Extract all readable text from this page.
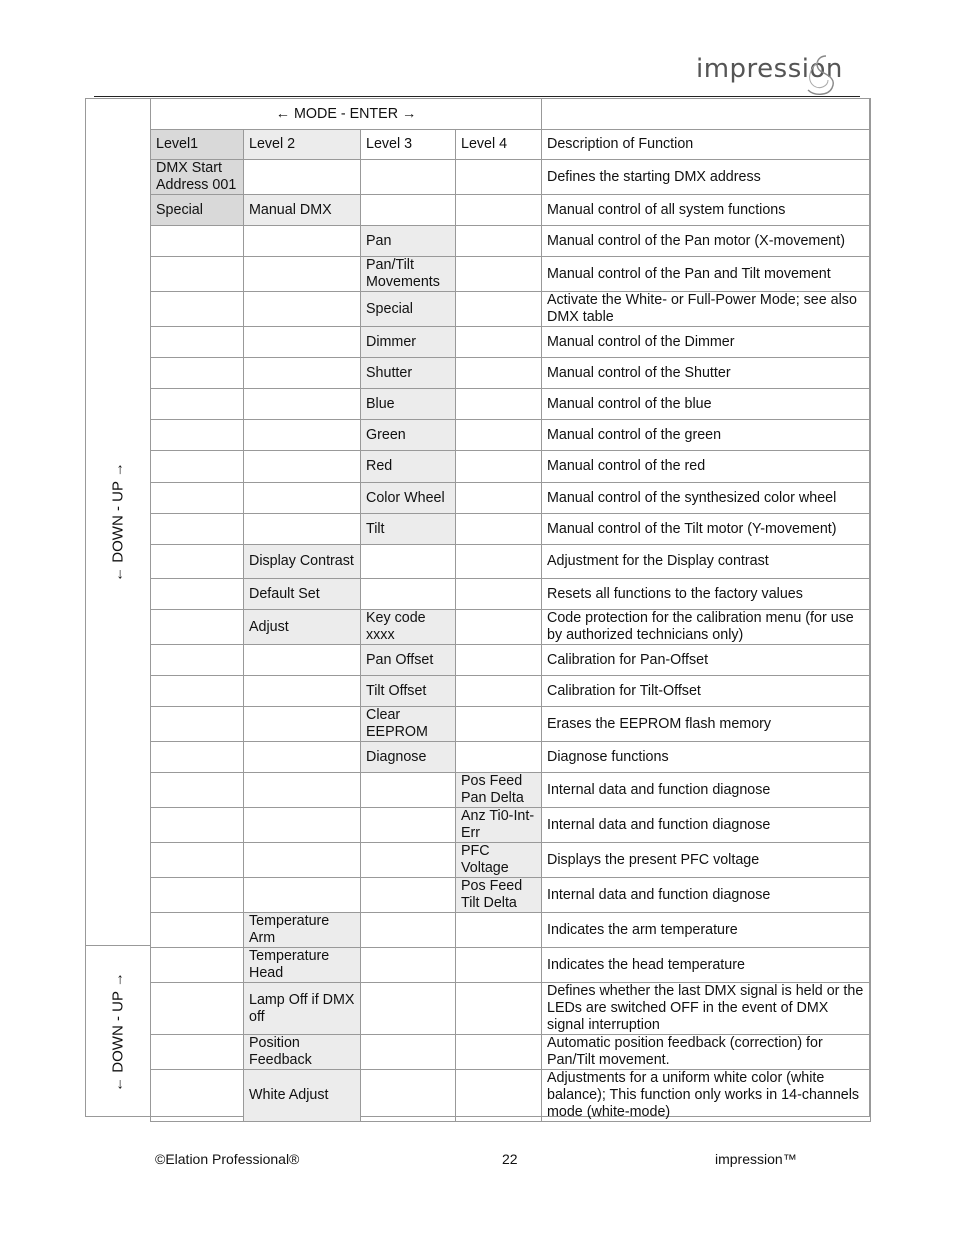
impression
← DOWN - UP →
← DOWN - UP →
← MODE - ENTER →				
Level1	Level 2	Level 3	Level 4	Description of Function
DMX Start Address 001				Defines the starting DMX address
Special	Manual DMX			Manual control of all system functions
		Pan		Manual control of the Pan motor (X-movement)
		Pan/Tilt Movements		Manual control of the Pan and Tilt movement
		Special		Activate the White- or Full-Power Mode; see also DMX table
		Dimmer		Manual control of the Dimmer
		Shutter		Manual control of the Shutter
		Blue		Manual control of the blue
		Green		Manual control of the green
		Red		Manual control of the red
		Color Wheel		Manual control of the synthesized color wheel
		Tilt		Manual control of the Tilt motor (Y-movement)
	Display Contrast			Adjustment for the Display contrast
	Default Set			Resets all functions to the factory values
	Adjust	Key code xxxx		Code protection for the calibration menu (for use by authorized technicians only)
		Pan Offset		Calibration for Pan-Offset
		Tilt Offset		Calibration for Tilt-Offset
		Clear EEPROM		Erases the EEPROM flash memory
		Diagnose		Diagnose functions
			Pos Feed Pan Delta	Internal data and function diagnose
			Anz Ti0-Int-Err	Internal data and function diagnose
			PFC Voltage	Displays the present PFC voltage
			Pos Feed Tilt Delta	Internal data and function diagnose
	Temperature Arm			Indicates the arm temperature
	Temperature Head			Indicates the head temperature
	Lamp Off if DMX off			Defines whether the last DMX signal is held or the LEDs are switched OFF in the event of DMX signal interruption
	Position Feedback			Automatic position feedback (correction) for Pan/Tilt movement.
	White Adjust			Adjustments for a uniform white color (white balance); This function only works in 14-channels mode (white-mode)
©Elation Professional®	22	impression™
